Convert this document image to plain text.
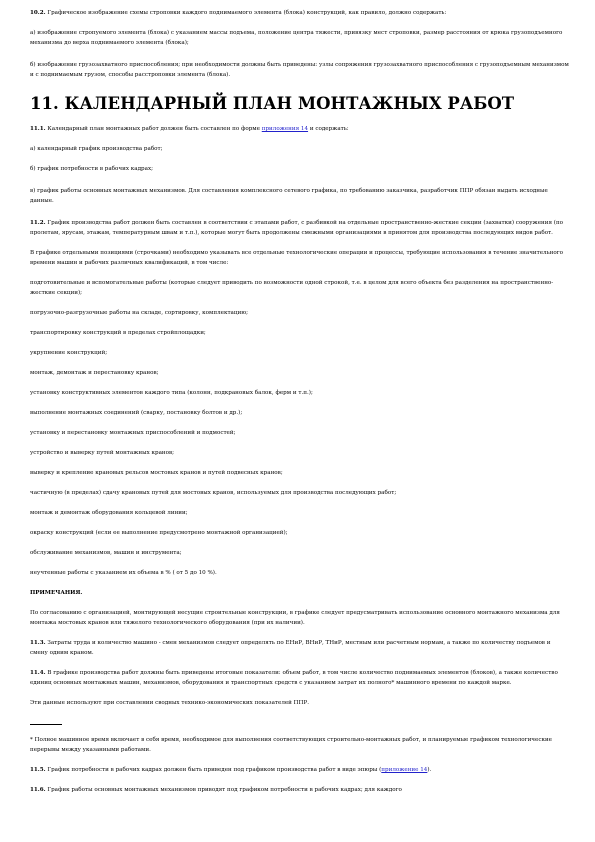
10.2. Графическое изображение схемы строповки каждого поднимаемого элемента (блока) конструкций, как правило, должно содержать:

а) изображение стропуемого элемента (блока) с указанием массы подъема, положение центра тяжести, привязку мест строповки, размер расстояния от крюка грузоподъемного механизма до верха поднимаемого элемента (блока);

б) изображение грузозахватного приспособления; при необходимости должны быть приведены: узлы сопряжения грузозахватного приспособления с грузоподъемным механизмом и с поднимаемым грузом, способы расстроповки элемента (блока).

11. КАЛЕНДАРНЫЙ ПЛАН МОНТАЖНЫХ РАБОТ

11.1. Календарный план монтажных работ должен быть составлен по форме приложения 14 и содержать:

а) календарный график производства работ;

б) график потребности в рабочих кадрах;

в) график работы основных монтажных механизмов. Для составления комплексного сетевого графика, по требованию заказчика, разработчик ППР обязан выдать исходные данные.

11.2. График производства работ должен быть составлен в соответствии с этапами работ, с разбивкой на отдельные пространственно-жесткие секции (захватки) сооружения (по пролетам, ярусам, этажам, температурным швам и т.п.), которые могут быть продолжены смежными организациями в принятом для производства последующих видов работ.

В графике отдельными позициями (строчками) необходимо указывать все отдельные технологические операции и процессы, требующие использования в течение значительного времени машин и рабочих различных квалификаций, в том числе:

подготовительные и вспомогательные работы (которые следует приводить по возможности одной строкой, т.е. в целом для всего объекта без разделения на пространственно-жесткие секции);

погрузочно-разгрузочные работы на складе, сортировку, комплектацию;

транспортировку конструкций в пределах стройплощадки;

укрупнение конструкций;

монтаж, демонтаж и перестановку кранов;

установку конструктивных элементов каждого типа (колонн, подкрановых балок, ферм и т.п.);

выполнение монтажных соединений (сварку, постановку болтов и др.);

установку и перестановку монтажных приспособлений и подмостей;

устройство и выверку путей монтажных кранов;

выверку и крепление крановых рельсов мостовых кранов и путей подвесных кранов;

частичную (в пределах) сдачу крановых путей для мостовых кранов, используемых для производства последующих работ;

монтаж и демонтаж оборудования кольцевой линии;

окраску конструкций (если ее выполнение предусмотрено монтажной организацией);

обслуживание механизмов, машин и инструмента;

неучтенные работы с указанием их объема в % ( от 5 до 10 %).

ПРИМЕЧАНИЯ.

По согласованию с организацией, монтирующей несущие строительные конструкции, в графике следует предусматривать использование основного монтажного механизма для монтажа мостовых кранов или тяжелого технологического оборудования (при их наличии).

11.3. Затраты труда и количество машино - смен механизмов следует определять по ЕНиР, ВНиР, ТНиР, местным или расчетным нормам, а также по количеству подъемов и смену одним краном.

11.4. В графике производства работ должны быть приведены итоговые показатели: объем работ, в том числе количество поднимаемых элементов (блоков), а также количество единиц основных монтажных машин, механизмов, оборудования и транспортных средств с указанием затрат их полного* машинного времени по каждой марке.

Эти данные используют при составлении сводных технико-экономических показателей ППР.

* Полное машинное время включает в себя время, необходимое для выполнения соответствующих строительно-монтажных работ, и планируемые графиком технологические перерывы между указанными работами.

11.5. График потребности в рабочих кадрах должен быть приведен под графиком производства работ в виде эпюры (приложение 14).

11.6. График работы основных монтажных механизмов приводят под графиком потребности в рабочих кадрах; для каждого
